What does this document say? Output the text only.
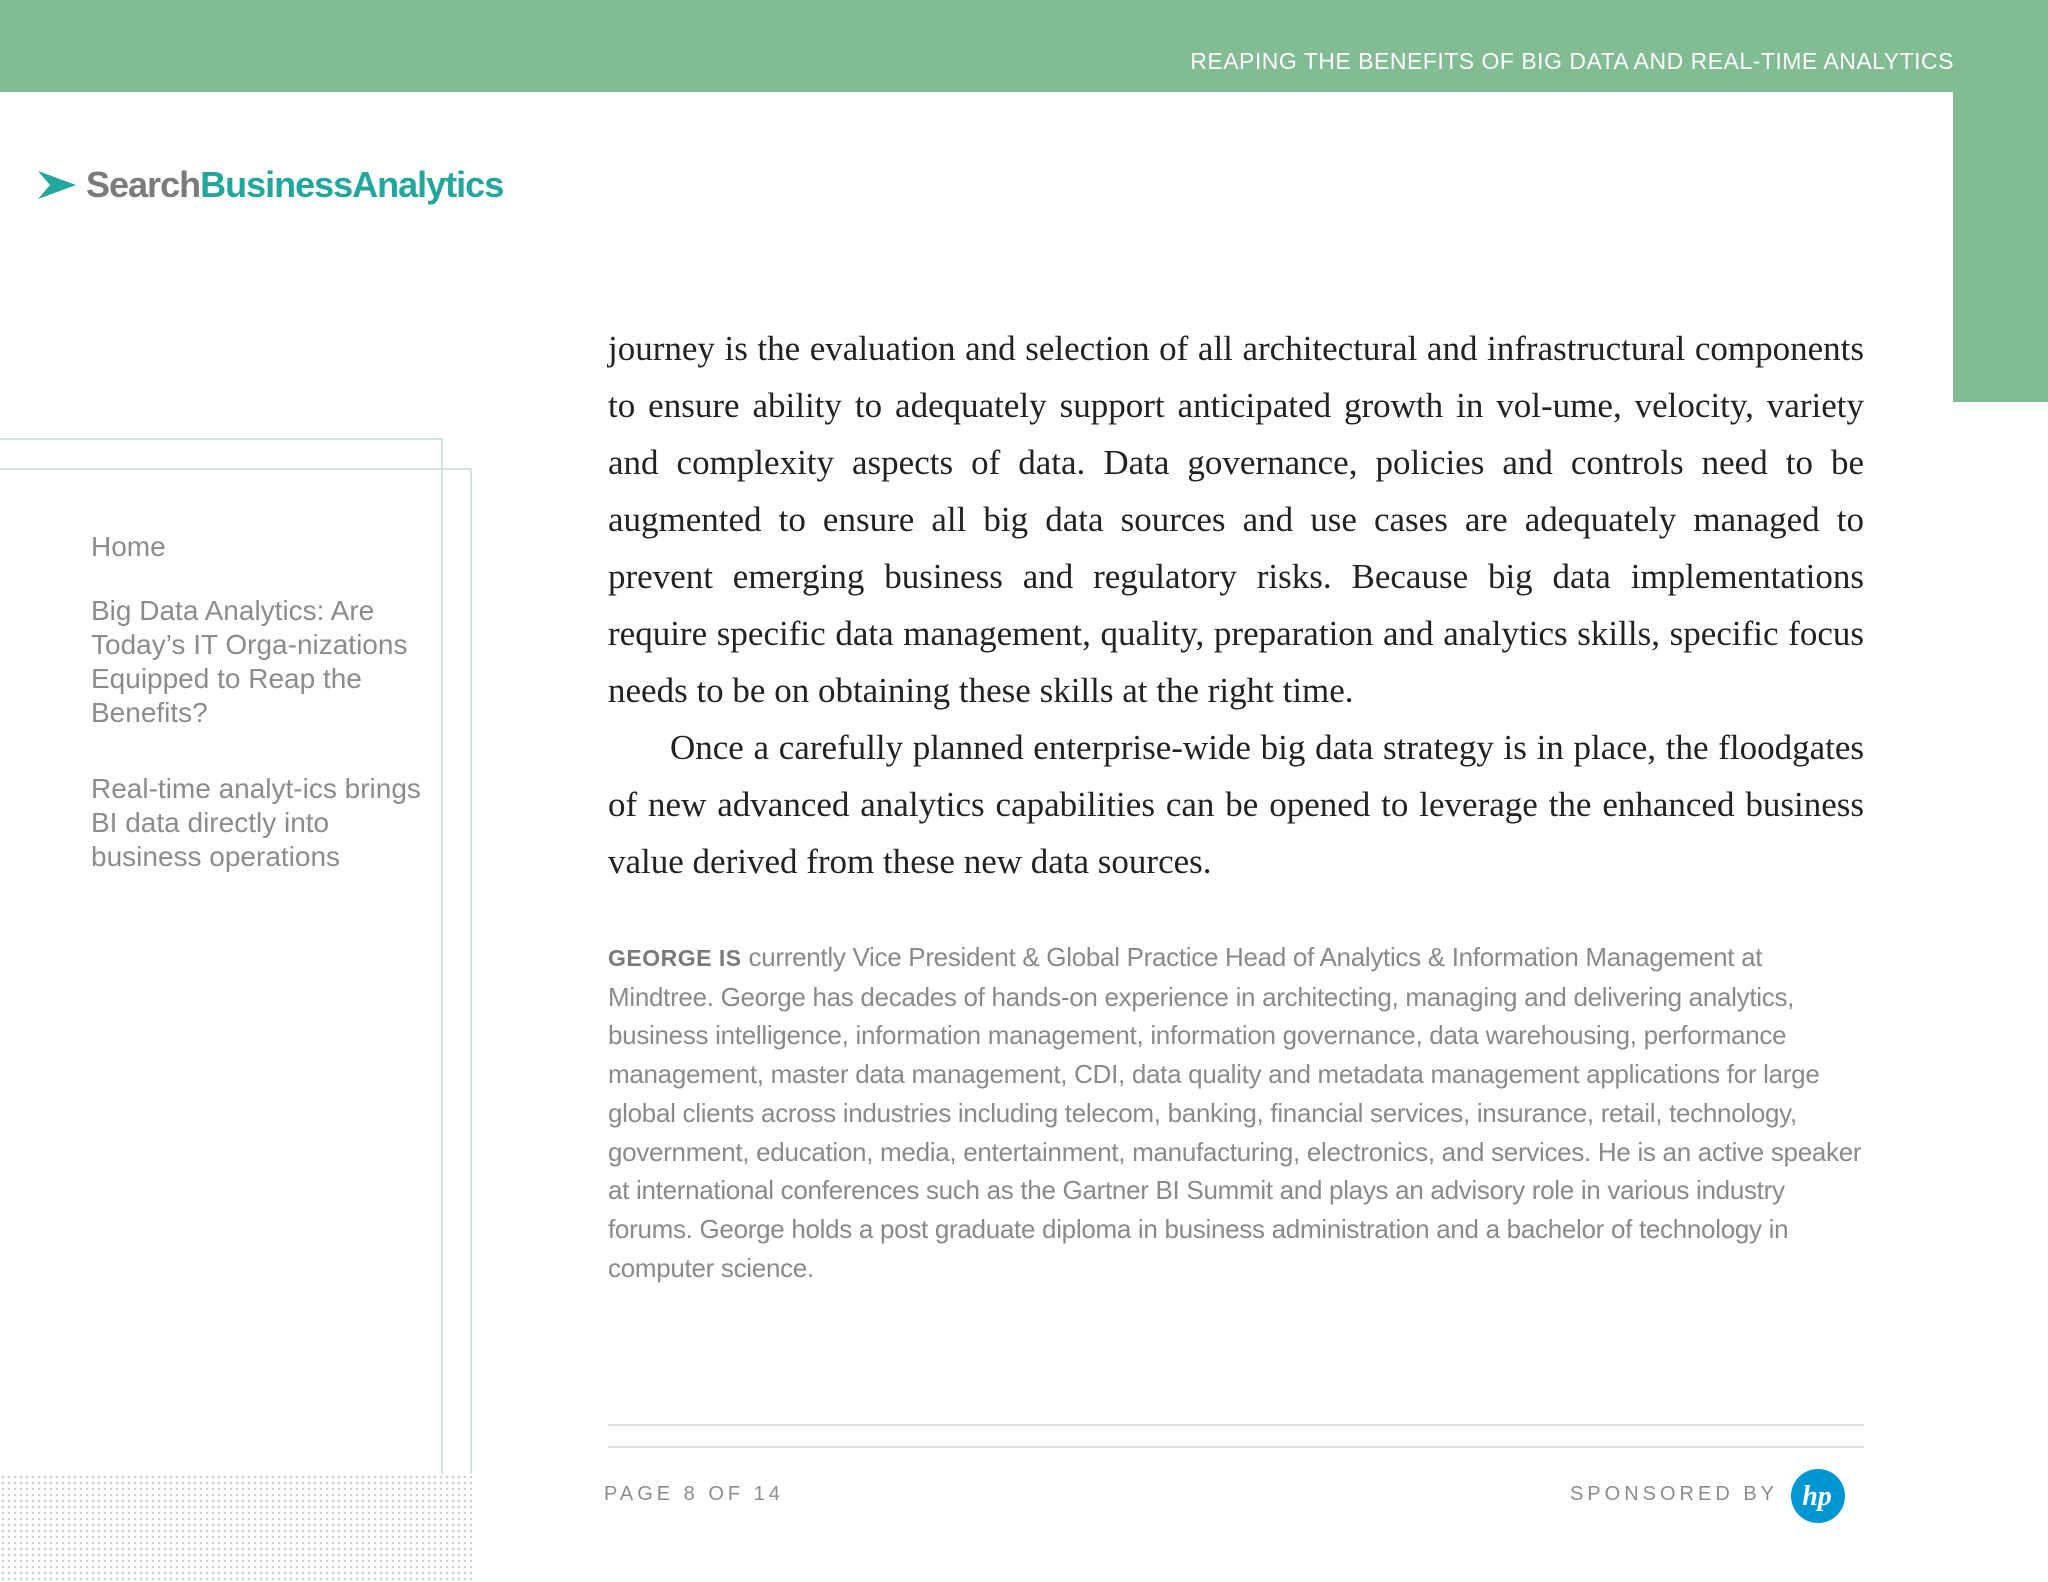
REAPING THE BENEFITS OF BIG DATA AND REAL-TIME ANALYTICS
Search BusinessAnalytics
Home
Big Data Analytics: Are Today’s IT Orga-nizations Equipped to Reap the Benefits?
Real-time analyt-ics brings BI data directly into business operations

journey is the evaluation and selection of all architectural and infrastructural components to ensure ability to adequately support anticipated growth in vol-ume, velocity, variety and complexity aspects of data. Data governance, policies and controls need to be augmented to ensure all big data sources and use cases are adequately managed to prevent emerging business and regulatory risks. Because big data implementations require specific data management, quality, preparation and analytics skills, specific focus needs to be on obtaining these skills at the right time.

Once a carefully planned enterprise-wide big data strategy is in place, the floodgates of new advanced analytics capabilities can be opened to leverage the enhanced business value derived from these new data sources.

GEORGE IS currently Vice President & Global Practice Head of Analytics & Information Management at Mindtree. George has decades of hands-on experience in architecting, managing and delivering analytics, business intelligence, information management, information governance, data warehousing, performance management, master data management, CDI, data quality and metadata management applications for large global clients across industries including telecom, banking, financial services, insurance, retail, technology, government, education, media, entertainment, manufacturing, electronics, and services. He is an active speaker at international conferences such as the Gartner BI Summit and plays an advisory role in various industry forums. George holds a post graduate diploma in business administration and a bachelor of technology in computer science.
PAGE 8 OF 14	SPONSORED BY hp
